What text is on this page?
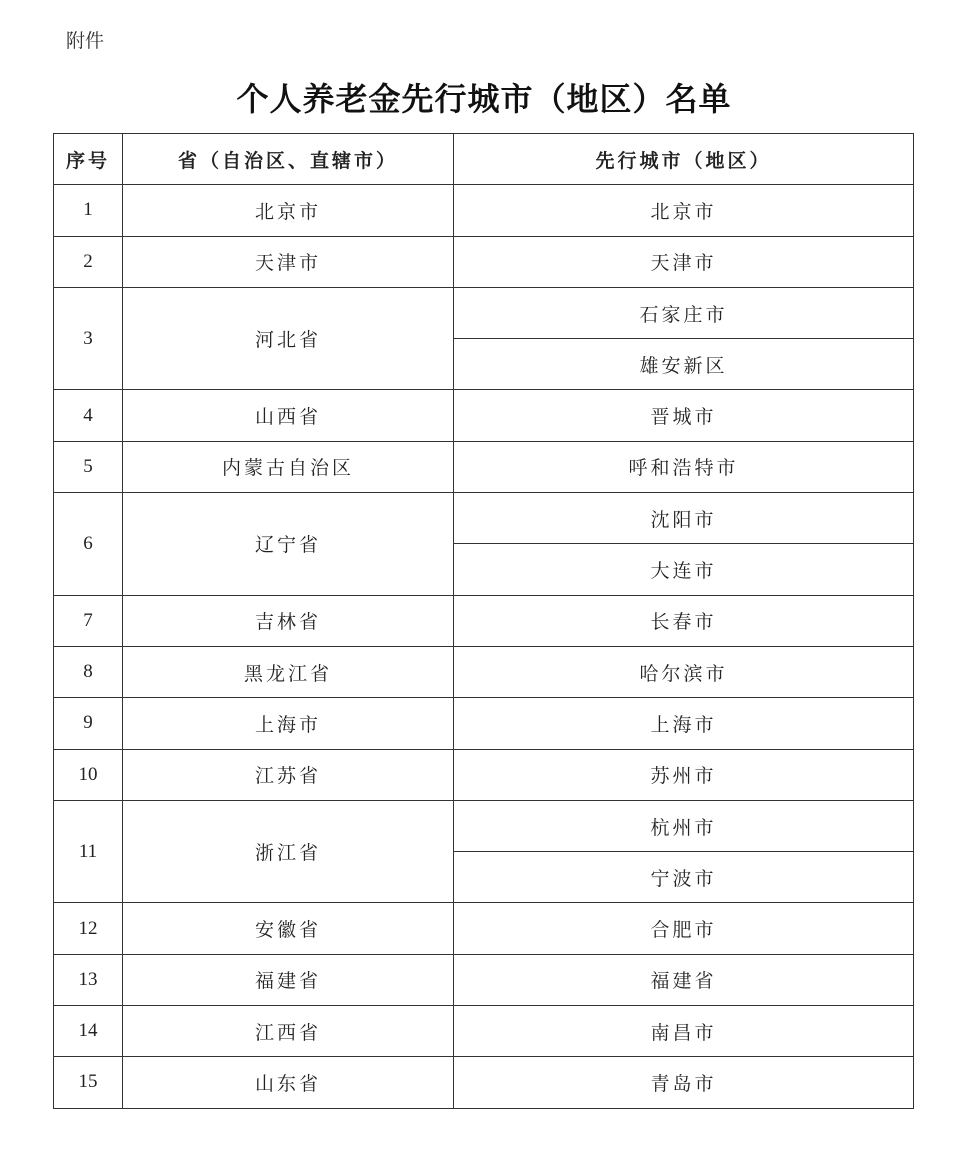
附件
个人养老金先行城市（地区）名单
序号	省（自治区、直辖市）	先行城市（地区）
1	北京市	北京市
2	天津市	天津市
3	河北省	石家庄市
		雄安新区
4	山西省	晋城市
5	内蒙古自治区	呼和浩特市
6	辽宁省	沈阳市
		大连市
7	吉林省	长春市
8	黑龙江省	哈尔滨市
9	上海市	上海市
10	江苏省	苏州市
11	浙江省	杭州市
		宁波市
12	安徽省	合肥市
13	福建省	福建省
14	江西省	南昌市
15	山东省	青岛市
